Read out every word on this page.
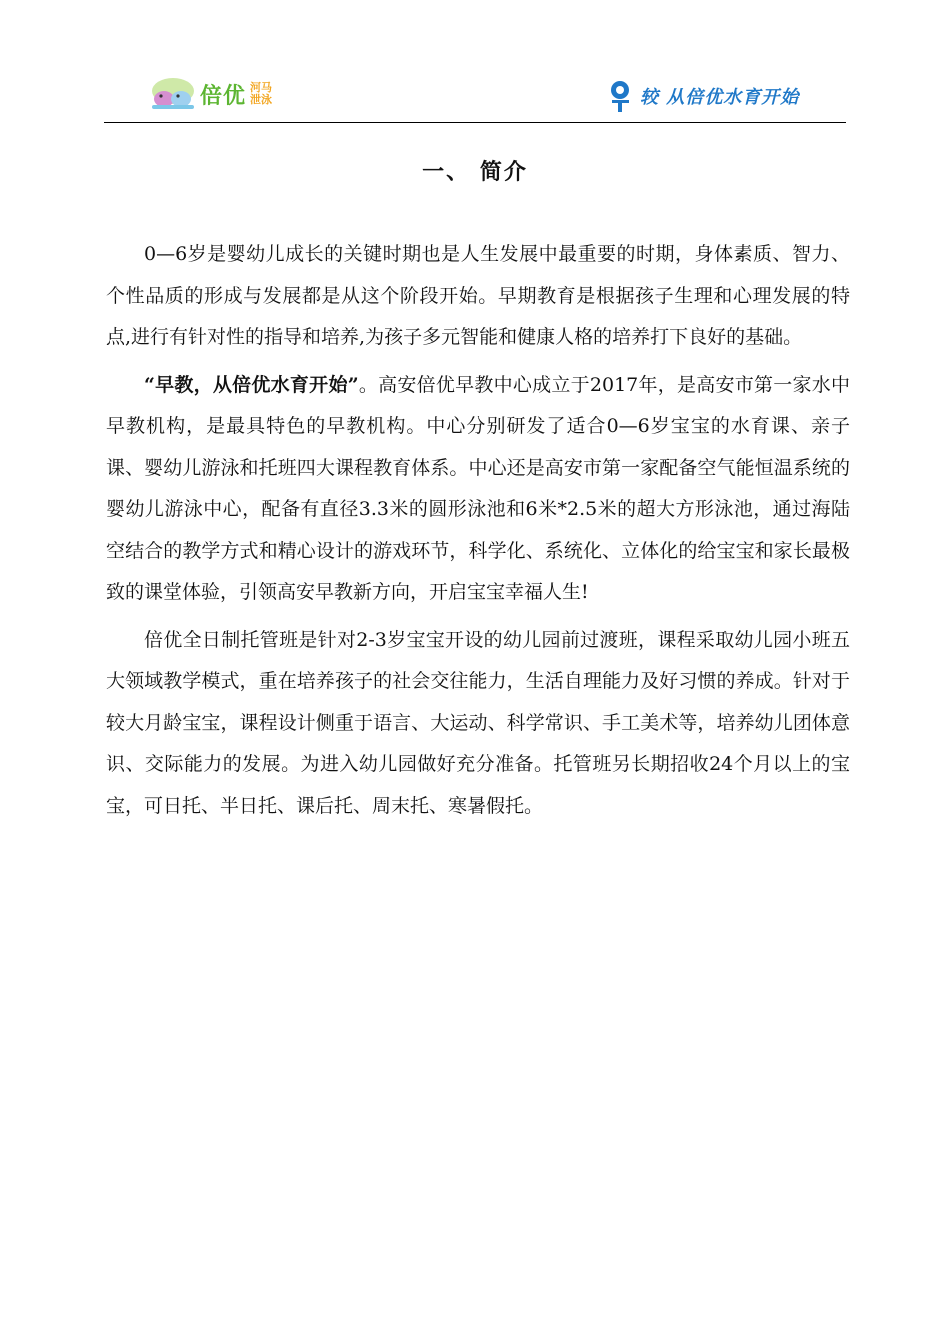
倍优 河马
泄泳	较 从倍优水育开始
一、 简介

0—6岁是婴幼儿成长的关键时期也是人生发展中最重要的时期，身体素质、智力、个性品质的形成与发展都是从这个阶段开始。早期教育是根据孩子生理和心理发展的特点,进行有针对性的指导和培养,为孩子多元智能和健康人格的培养打下良好的基础。

“早教，从倍优水育开始”。高安倍优早教中心成立于2017年，是高安市第一家水中早教机构，是最具特色的早教机构。中心分别研发了适合0—6岁宝宝的水育课、亲子课、婴幼儿游泳和托班四大课程教育体系。中心还是高安市第一家配备空气能恒温系统的婴幼儿游泳中心，配备有直径3.3米的圆形泳池和6米*2.5米的超大方形泳池，通过海陆空结合的教学方式和精心设计的游戏环节，科学化、系统化、立体化的给宝宝和家长最极致的课堂体验，引领高安早教新方向，开启宝宝幸福人生!

倍优全日制托管班是针对2-3岁宝宝开设的幼儿园前过渡班，课程采取幼儿园小班五大领域教学模式，重在培养孩子的社会交往能力，生活自理能力及好习惯的养成。针对于较大月龄宝宝，课程设计侧重于语言、大运动、科学常识、手工美术等，培养幼儿团体意识、交际能力的发展。为进入幼儿园做好充分准备。托管班另长期招收24个月以上的宝宝，可日托、半日托、课后托、周末托、寒暑假托。
